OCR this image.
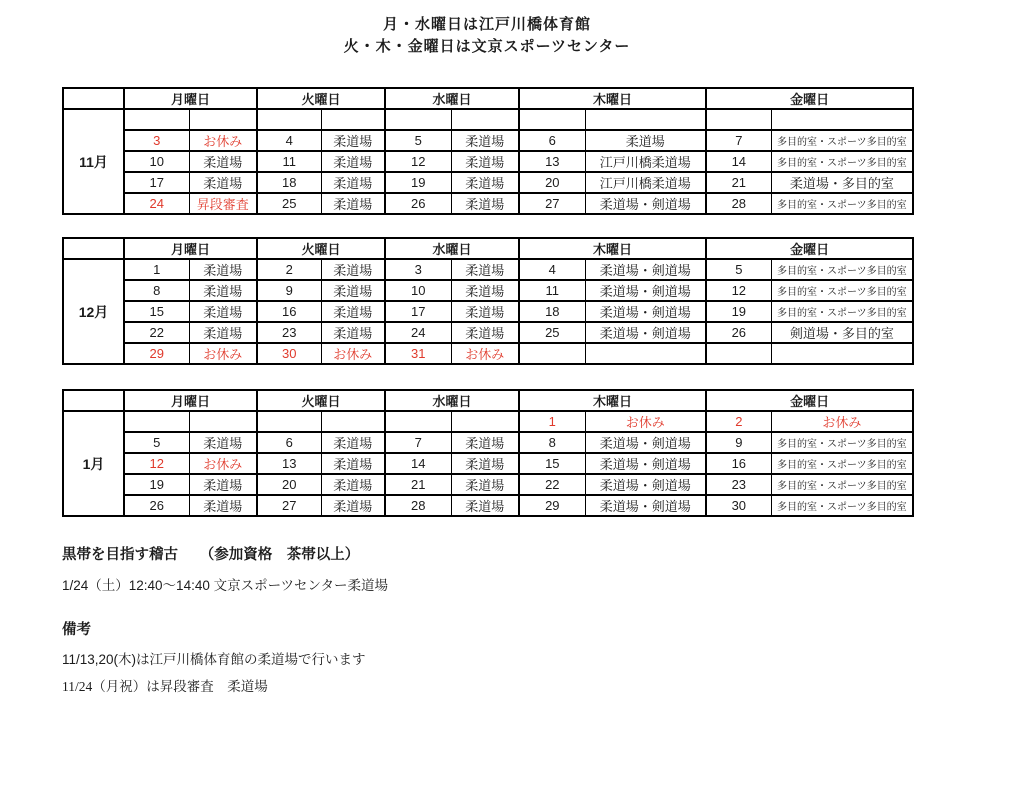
月・水曜日は江戸川橋体育館
火・木・金曜日は文京スポーツセンター
	月曜日		火曜日		水曜日		木曜日		金曜日	
11月										
	3	お休み	4	柔道場	5	柔道場	6	柔道場	7	多目的室・スポーツ多目的室
	10	柔道場	11	柔道場	12	柔道場	13	江戸川橋柔道場	14	多目的室・スポーツ多目的室
	17	柔道場	18	柔道場	19	柔道場	20	江戸川橋柔道場	21	柔道場・多目的室
	24	昇段審査	25	柔道場	26	柔道場	27	柔道場・剣道場	28	多目的室・スポーツ多目的室
	月曜日		火曜日		水曜日		木曜日		金曜日	
12月	1	柔道場	2	柔道場	3	柔道場	4	柔道場・剣道場	5	多目的室・スポーツ多目的室
	8	柔道場	9	柔道場	10	柔道場	11	柔道場・剣道場	12	多目的室・スポーツ多目的室
	15	柔道場	16	柔道場	17	柔道場	18	柔道場・剣道場	19	多目的室・スポーツ多目的室
	22	柔道場	23	柔道場	24	柔道場	25	柔道場・剣道場	26	剣道場・多目的室
	29	お休み	30	お休み	31	お休み				
	月曜日		火曜日		水曜日		木曜日		金曜日	
1月							1	お休み	2	お休み
	5	柔道場	6	柔道場	7	柔道場	8	柔道場・剣道場	9	多目的室・スポーツ多目的室
	12	お休み	13	柔道場	14	柔道場	15	柔道場・剣道場	16	多目的室・スポーツ多目的室
	19	柔道場	20	柔道場	21	柔道場	22	柔道場・剣道場	23	多目的室・スポーツ多目的室
	26	柔道場	27	柔道場	28	柔道場	29	柔道場・剣道場	30	多目的室・スポーツ多目的室
黒帯を目指す稽古　　（参加資格　茶帯以上）
1/24（土）12:40～14:40 文京スポーツセンター柔道場
備考
11/13,20(木)は江戸川橋体育館の柔道場で行います
11/24（月祝）は昇段審査　柔道場
